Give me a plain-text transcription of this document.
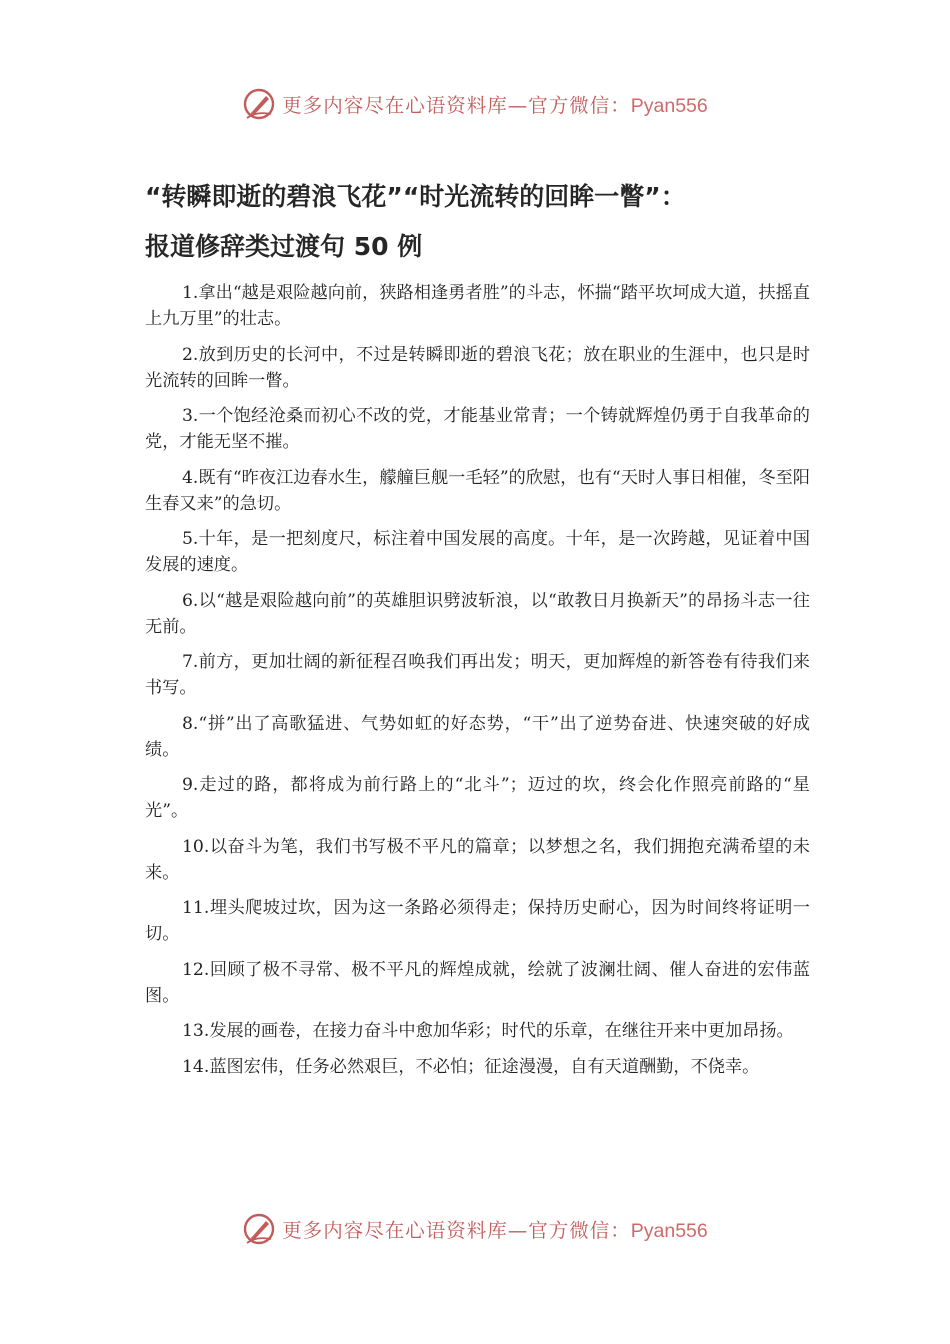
更多内容尽在心语资料库—官方微信：Pyan556
“转瞬即逝的碧浪飞花”“时光流转的回眸一瞥”：
报道修辞类过渡句 50 例

1.拿出“越是艰险越向前，狭路相逢勇者胜”的斗志，怀揣“踏平坎坷成大道，扶摇直上九万里”的壮志。

2.放到历史的长河中，不过是转瞬即逝的碧浪飞花；放在职业的生涯中，也只是时光流转的回眸一瞥。

3.一个饱经沧桑而初心不改的党，才能基业常青；一个铸就辉煌仍勇于自我革命的党，才能无坚不摧。

4.既有“昨夜江边春水生，艨艟巨舰一毛轻”的欣慰，也有“天时人事日相催，冬至阳生春又来”的急切。

5.十年，是一把刻度尺，标注着中国发展的高度。十年，是一次跨越，见证着中国发展的速度。

6.以“越是艰险越向前”的英雄胆识劈波斩浪，以“敢教日月换新天”的昂扬斗志一往无前。

7.前方，更加壮阔的新征程召唤我们再出发；明天，更加辉煌的新答卷有待我们来书写。

8.“拼”出了高歌猛进、气势如虹的好态势，“干”出了逆势奋进、快速突破的好成绩。

9.走过的路，都将成为前行路上的“北斗”；迈过的坎，终会化作照亮前路的“星光”。

10.以奋斗为笔，我们书写极不平凡的篇章；以梦想之名，我们拥抱充满希望的未来。

11.埋头爬坡过坎，因为这一条路必须得走；保持历史耐心，因为时间终将证明一切。

12.回顾了极不寻常、极不平凡的辉煌成就，绘就了波澜壮阔、催人奋进的宏伟蓝图。

13.发展的画卷，在接力奋斗中愈加华彩；时代的乐章，在继往开来中更加昂扬。

14.蓝图宏伟，任务必然艰巨，不必怕；征途漫漫，自有天道酬勤，不侥幸。

更多内容尽在心语资料库—官方微信：Pyan556
